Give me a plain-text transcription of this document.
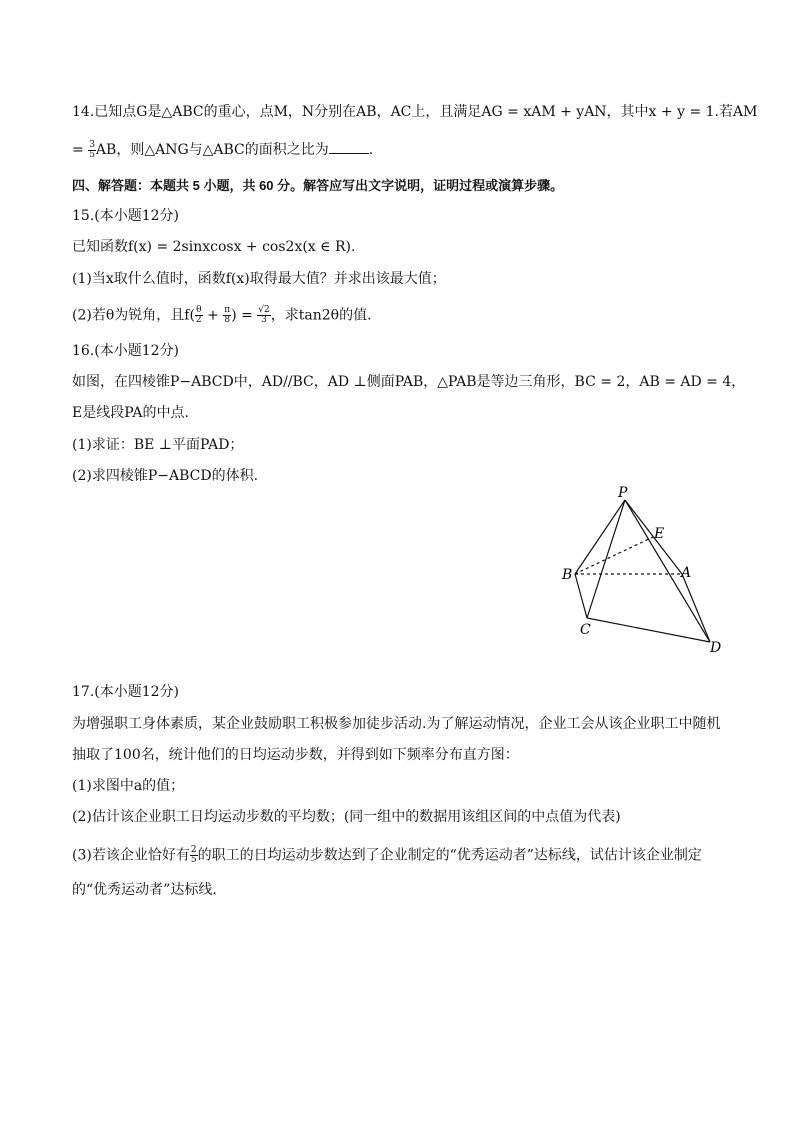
14.已知点G是△ABC的重心，点M，N分别在AB，AC上，且满足AG = xAM + yAN，其中x + y = 1.若AM
= $\frac{3}{5}$ AB，则△ANG与△ABC的面积之比为	.
四、解答题：本题共 5 小题，共 60 分。解答应写出文字说明，证明过程或演算步骤。
15.(本小题12分)
已知函数f(x) = 2sinxcosx + cos2x(x ∈ R).
(1)当x取什么值时，函数f(x)取得最大值？并求出该最大值；
(2)若θ为锐角，且$f( \frac{\theta}{2} + \frac{\pi}{8}$ ) = $\frac{√2}{3}$ ，求tan2θ的值.
16.(本小题12分)
如图，在四棱锥P−ABCD中，AD//BC，AD ⊥侧面PAB，△PAB是等边三角形，BC = 2，AB = AD = 4，
E是线段PA的中点.
(1)求证：BE ⊥平面PAD；
(2)求四棱锥P−ABCD的体积.
P
E
B	A
C
D
17.(本小题12分)
为增强职工身体素质，某企业鼓励职工积极参加徒步活动.为了解运动情况，企业工会从该企业职工中随机
抽取了100名，统计他们的日均运动步数，并得到如下频率分布直方图：
(1)求图中a的值；
(2)估计该企业职工日均运动步数的平均数；(同一组中的数据用该组区间的中点值为代表)
(3)若该企业恰好有 $\frac{2}{5}$ 的职工的日均运动步数达到了企业制定的“优秀运动者”达标线，试估计该企业制定
的“优秀运动者”达标线.
